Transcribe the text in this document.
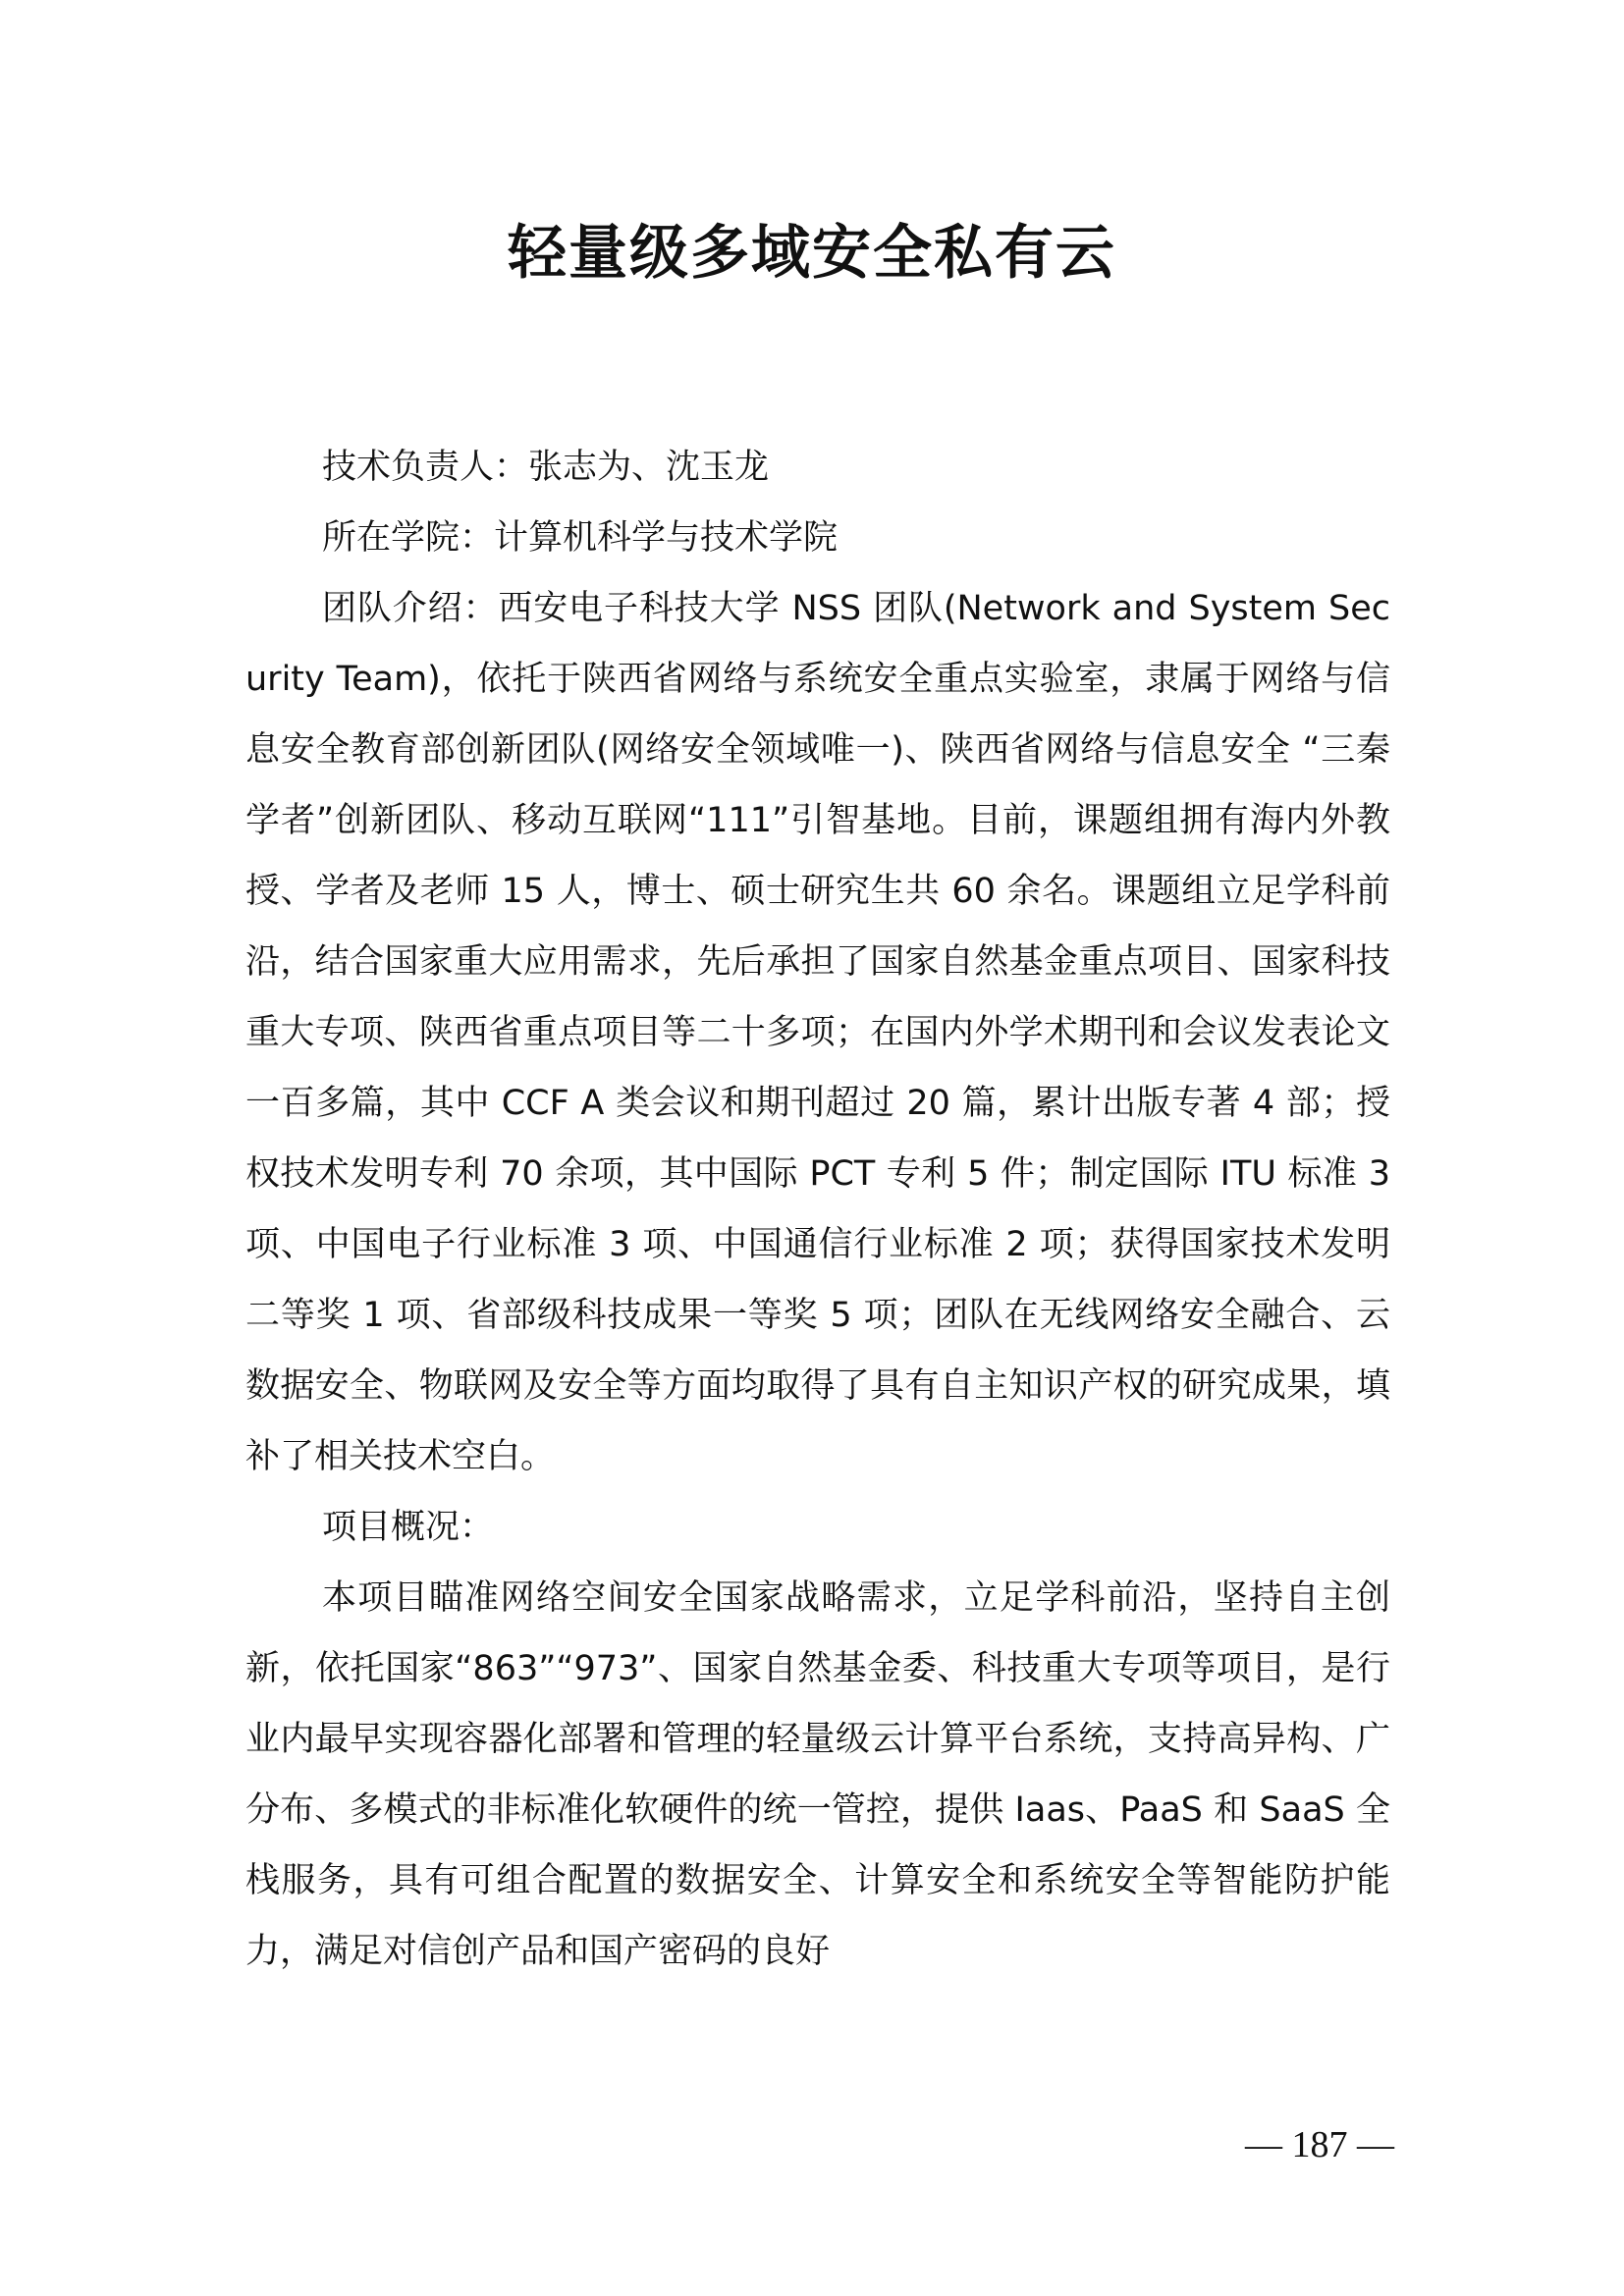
轻量级多域安全私有云

技术负责人：张志为、沈玉龙

所在学院：计算机科学与技术学院

团队介绍：西安电子科技大学 NSS 团队(Network and System Security Team)，依托于陕西省网络与系统安全重点实验室，隶属于网络与信息安全教育部创新团队(网络安全领域唯一)、陕西省网络与信息安全 “三秦学者”创新团队、移动互联网“111”引智基地。目前，课题组拥有海内外教授、学者及老师 15 人，博士、硕士研究生共 60 余名。课题组立足学科前沿，结合国家重大应用需求，先后承担了国家自然基金重点项目、国家科技重大专项、陕西省重点项目等二十多项；在国内外学术期刊和会议发表论文一百多篇，其中 CCF A 类会议和期刊超过 20 篇，累计出版专著 4 部；授权技术发明专利 70 余项，其中国际 PCT 专利 5 件；制定国际 ITU 标准 3 项、中国电子行业标准 3 项、中国通信行业标准 2 项；获得国家技术发明二等奖 1 项、省部级科技成果一等奖 5 项；团队在无线网络安全融合、云数据安全、物联网及安全等方面均取得了具有自主知识产权的研究成果，填补了相关技术空白。

项目概况：

本项目瞄准网络空间安全国家战略需求，立足学科前沿，坚持自主创新，依托国家“863”“973”、国家自然基金委、科技重大专项等项目，是行业内最早实现容器化部署和管理的轻量级云计算平台系统，支持高异构、广分布、多模式的非标准化软硬件的统一管控，提供 Iaas、PaaS 和 SaaS 全栈服务，具有可组合配置的数据安全、计算安全和系统安全等智能防护能力，满足对信创产品和国产密码的良好

— 187 —
